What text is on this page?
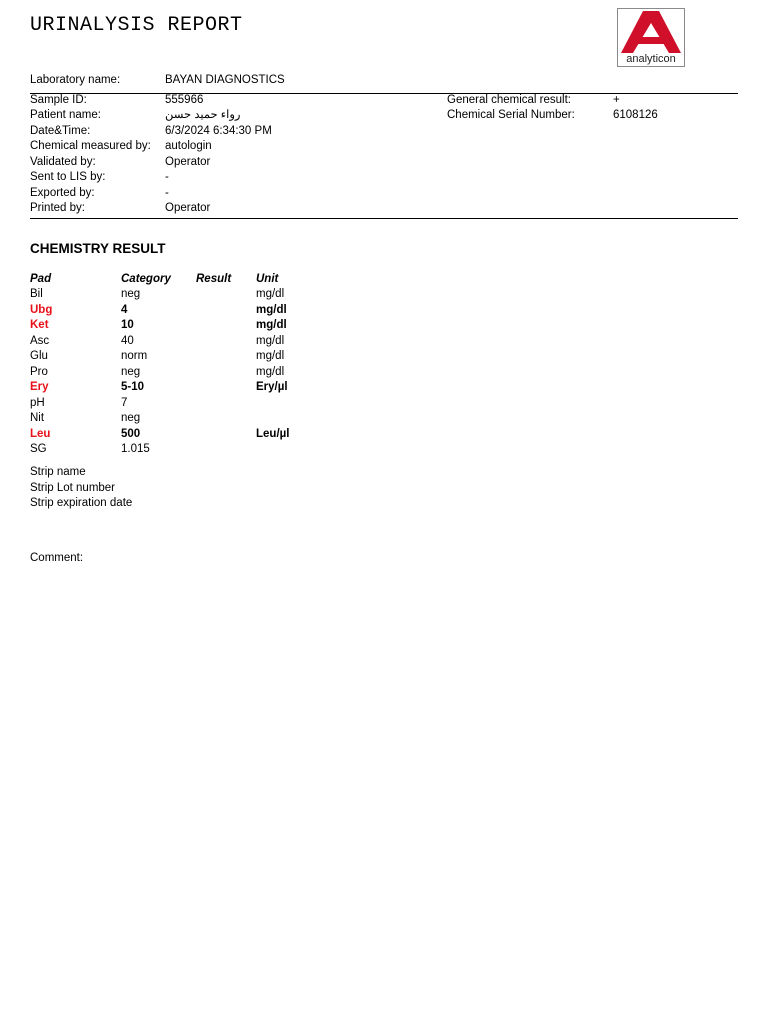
URINALYSIS REPORT
analyticon
Laboratory name:	BAYAN DIAGNOSTICS
Sample ID:	555966
Patient name:	رواء حميد حسن
Date&Time:	6/3/2024 6:34:30 PM
Chemical measured by: autologin
Validated by:	Operator
Sent to LIS by:	-
Exported by:	-
Printed by:	Operator
General chemical result:	+
Chemical Serial Number:	6108126
CHEMISTRY RESULT
Pad	Category Result Unit
Bil	neg	mg/dl
Ubg	4	mg/dl
Ket	10	mg/dl
Asc	40	mg/dl
Glu	norm	mg/dl
Pro	neg	mg/dl
Ery	5-10	Ery/µl
pH	7
Nit	neg
Leu	500	Leu/µl
SG	1.015
Strip name
Strip Lot number
Strip expiration date
Comment:
